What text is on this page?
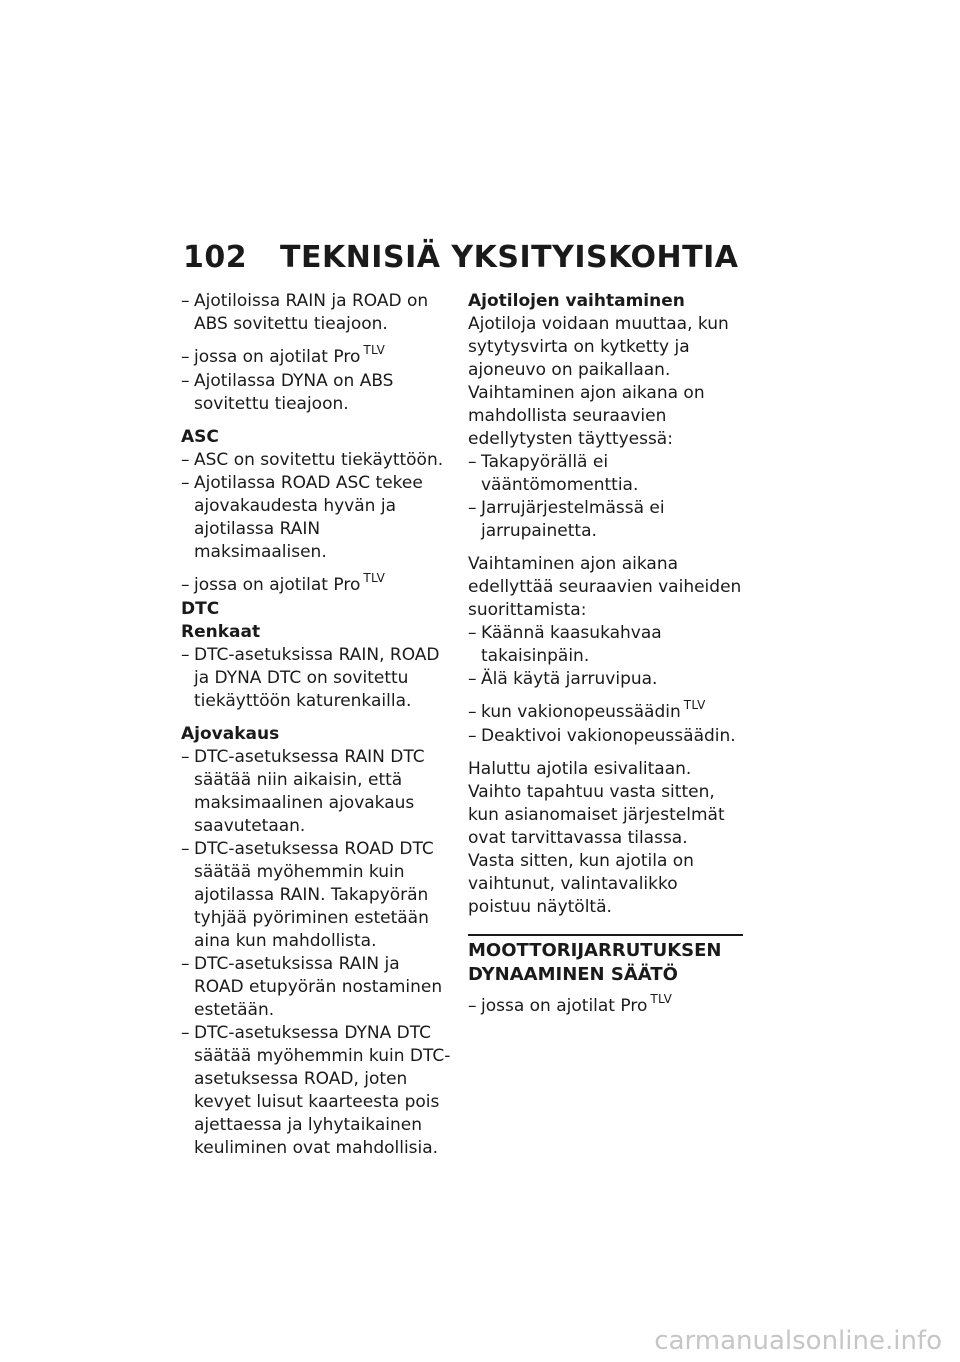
102 TEKNISIÄ YKSITYISKOHTIA

– Ajotiloissa RAIN ja ROAD on ABS sovitettu tieajoon.

– jossa on ajotilat Pro $^{TLV}$

– Ajotilassa DYNA on ABS sovitettu tieajoon.

ASC

– ASC on sovitettu tiekäyttöön.

– Ajotilassa ROAD ASC tekee ajovakaudesta hyvän ja ajotilassa RAIN maksimaalisen.

– jossa on ajotilat Pro $^{TLV}$

DTC

Renkaat

– DTC-asetuksissa RAIN, ROAD ja DYNA DTC on sovitettu tiekäyttöön katurenkailla.

Ajovakaus

– DTC-asetuksessa RAIN DTC säätää niin aikaisin, että maksimaalinen ajovakaus saavutetaan.

– DTC-asetuksessa ROAD DTC säätää myöhemmin kuin ajotilassa RAIN. Takapyörän tyhjää pyöriminen estetään aina kun mahdollista.

– DTC-asetuksissa RAIN ja ROAD etupyörän nostaminen estetään.

– DTC-asetuksessa DYNA DTC säätää myöhemmin kuin DTC-asetuksessa ROAD, joten kevyet luisut kaarteesta pois ajettaessa ja lyhytaikainen keuliminen ovat mahdollisia.

Ajotilojen vaihtaminen

Ajotiloja voidaan muuttaa, kun sytytysvirta on kytketty ja ajoneuvo on paikallaan. Vaihtaminen ajon aikana on mahdollista seuraavien edellytysten täyttyessä:

– Takapyörällä ei vääntömomenttia.

– Jarrujärjestelmässä ei jarrupainetta.

Vaihtaminen ajon aikana edellyttää seuraavien vaiheiden suorittamista:

– Käännä kaasukahvaa takaisinpäin.

– Älä käytä jarruvipua.

– kun vakionopeussäädin $^{TLV}$

– Deaktivoi vakionopeussäädin.

Haluttu ajotila esivalitaan. Vaihto tapahtuu vasta sitten, kun asianomaiset järjestelmät ovat tarvittavassa tilassa.

Vasta sitten, kun ajotila on vaihtunut, valintavalikko poistuu näytöltä.

MOOTTORIJARRUTUKSEN DYNAAMINEN SÄÄTÖ

– jossa on ajotilat Pro $^{TLV}$

carmanualsonline.info
